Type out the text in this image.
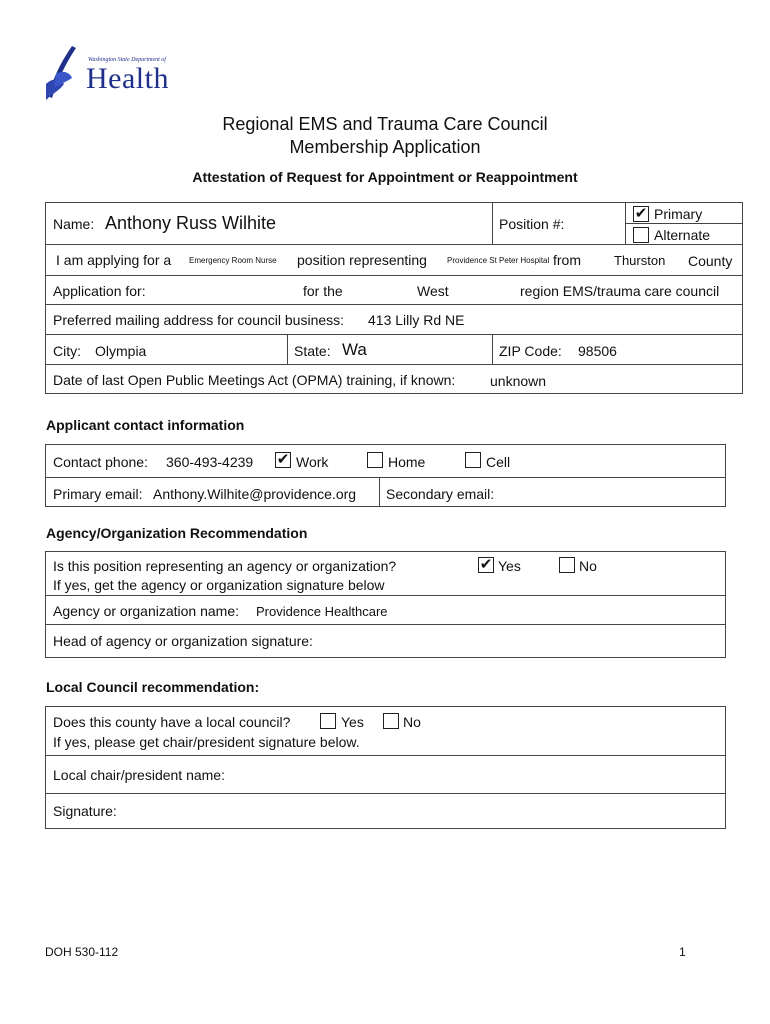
Washington State Department of
Health
Regional EMS and Trauma Care Council
Membership Application
Attestation of Request for Appointment or Reappointment
Name: Anthony Russ Wilhite	Position #:
✔ Primary
Alternate
I am applying for a Emergency Room Nurse position representing	Providence St Peter Hospital from	Thurston County
Application for:	for the	West	region EMS/trauma care council
Preferred mailing address for council business: 413 Lilly Rd NE
City: Olympia	State: Wa	ZIP Code: 98506
Date of last Open Public Meetings Act (OPMA) training, if known: unknown
Applicant contact information
Contact phone: 360-493-4239 ✔ Work	Home	Cell
Primary email: Anthony.Wilhite@providence.org Secondary email:
Agency/Organization Recommendation
Is this position representing an agency or organization?
If yes, get the agency or organization signature below
✔ Yes	No
Agency or organization name: Providence Healthcare
Head of agency or organization signature:
Local Council recommendation:
Does this county have a local council?	Yes	No
If yes, please get chair/president signature below.
Local chair/president name:
Signature:
DOH 530-112	1
